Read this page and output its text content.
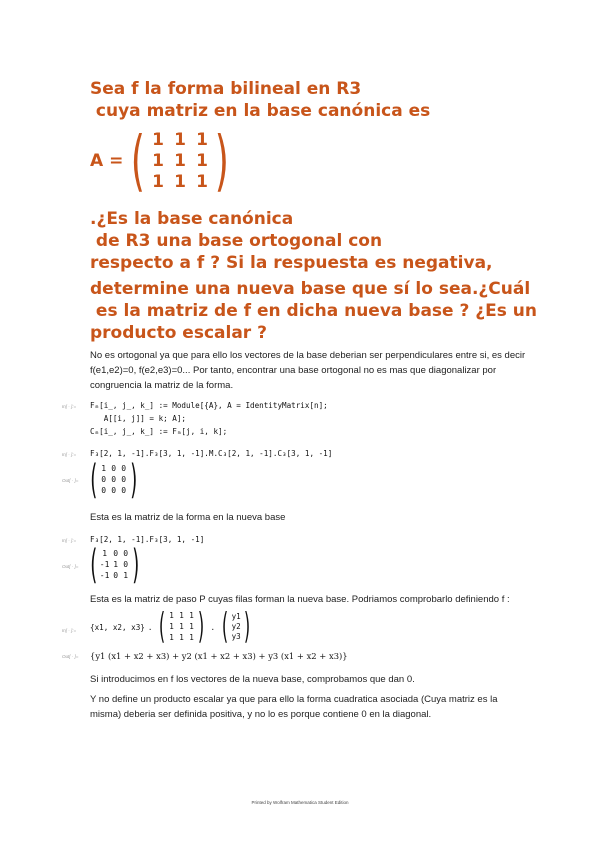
Sea f la forma bilineal en R3

cuya matriz en la base canónica es

A = ( 1 1 1
1 1 1
1 1 1 )

.¿Es la base canónica

de R3 una base ortogonal con

respecto a f ? Si la respuesta es negativa,

determine una nueva base que sí lo sea.¿Cuál

es la matriz de f en dicha nueva base ? ¿Es un

producto escalar ?

No es ortogonal ya que para ello los vectores de la base deberian ser perpendiculares entre si, es decir f(e1,e2)=0, f(e2,e3)=0... Por tanto, encontrar una base ortogonal no es mas que diagonalizar por congruencia la matriz de la forma.

In[ · ]:= Fₘ[i_, j_, k_] := Module[{A}, A = IdentityMatrix[n];
A[[i, j]] = k; A];
Cₘ[i_, j_, k_] := Fₘ[j, i, k];
In[ · ]:= F₃[2, 1, -1].F₃[3, 1, -1].M.C₃[2, 1, -1].C₃[3, 1, -1]
Out[ · ]= ( 1 0 0
0 0 0
0 0 0 )

Esta es la matriz de la forma en la nueva base

In[ · ]:= F₃[2, 1, -1].F₃[3, 1, -1]
Out[ · ]= ( 1 0 0
-1 1 0
-1 0 1 )

Esta es la matriz de paso P cuyas filas forman la nueva base. Podriamos comprobarlo definiendo f :

In[ · ]:= {x1, x2, x3} . ( 1 1 1
1 1 1
1 1 1 ) . ( y1
y2
y3 )
Out[ · ]= {y1 (x1 + x2 + x3) + y2 (x1 + x2 + x3) + y3 (x1 + x2 + x3)}

Si introducimos en f los vectores de la nueva base, comprobamos que dan 0.

Y no define un producto escalar ya que para ello la forma cuadratica asociada (Cuya matriz es la misma) deberia ser definida positiva, y no lo es porque contiene 0 en la diagonal.

Printed by Wolfram Mathematica Student Edition
